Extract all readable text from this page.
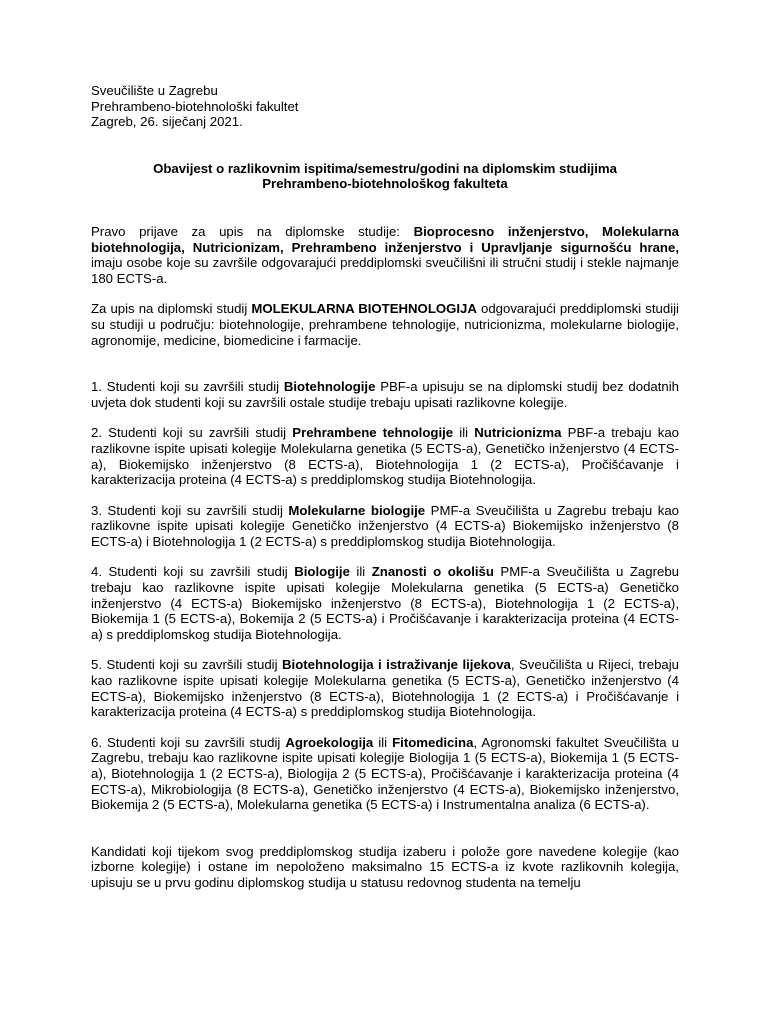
Sveučilište u Zagrebu

Prehrambeno-biotehnološki fakultet

Zagreb, 26. siječanj 2021.

Obavijest o razlikovnim ispitima/semestru/godini na diplomskim studijima

Prehrambeno-biotehnološkog fakulteta

Pravo prijave za upis na diplomske studije: Bioprocesno inženjerstvo, Molekularna biotehnologija, Nutricionizam, Prehrambeno inženjerstvo i Upravljanje sigurnošću hrane, imaju osobe koje su završile odgovarajući preddiplomski sveučilišni ili stručni studij i stekle najmanje 180 ECTS-a.

Za upis na diplomski studij MOLEKULARNA BIOTEHNOLOGIJA odgovarajući preddiplomski studiji su studiji u području: biotehnologije, prehrambene tehnologije, nutricionizma, molekularne biologije, agronomije, medicine, biomedicine i farmacije.

1. Studenti koji su završili studij Biotehnologije PBF-a upisuju se na diplomski studij bez dodatnih uvjeta dok studenti koji su završili ostale studije trebaju upisati razlikovne kolegije.

2. Studenti koji su završili studij Prehrambene tehnologije ili Nutricionizma PBF-a trebaju kao razlikovne ispite upisati kolegije Molekularna genetika (5 ECTS-a), Genetičko inženjerstvo (4 ECTS-a), Biokemijsko inženjerstvo (8 ECTS-a), Biotehnologija 1 (2 ECTS-a), Pročišćavanje i karakterizacija proteina (4 ECTS-a) s preddiplomskog studija Biotehnologija.

3. Studenti koji su završili studij Molekularne biologije PMF-a Sveučilišta u Zagrebu trebaju kao razlikovne ispite upisati kolegije Genetičko inženjerstvo (4 ECTS-a) Biokemijsko inženjerstvo (8 ECTS-a) i Biotehnologija 1 (2 ECTS-a) s preddiplomskog studija Biotehnologija.

4. Studenti koji su završili studij Biologije ili Znanosti o okolišu PMF-a Sveučilišta u Zagrebu trebaju kao razlikovne ispite upisati kolegije Molekularna genetika (5 ECTS-a) Genetičko inženjerstvo (4 ECTS-a) Biokemijsko inženjerstvo (8 ECTS-a), Biotehnologija 1 (2 ECTS-a), Biokemija 1 (5 ECTS-a), Bokemija 2 (5 ECTS-a) i Pročišćavanje i karakterizacija proteina (4 ECTS-a) s preddiplomskog studija Biotehnologija.

5. Studenti koji su završili studij Biotehnologija i istraživanje lijekova, Sveučilišta u Rijeci, trebaju kao razlikovne ispite upisati kolegije Molekularna genetika (5 ECTS-a), Genetičko inženjerstvo (4 ECTS-a), Biokemijsko inženjerstvo (8 ECTS-a), Biotehnologija 1 (2 ECTS-a) i Pročišćavanje i karakterizacija proteina (4 ECTS-a) s preddiplomskog studija Biotehnologija.

6. Studenti koji su završili studij Agroekologija ili Fitomedicina, Agronomski fakultet Sveučilišta u Zagrebu, trebaju kao razlikovne ispite upisati kolegije Biologija 1 (5 ECTS-a), Biokemija 1 (5 ECTS-a), Biotehnologija 1 (2 ECTS-a), Biologija 2 (5 ECTS-a), Pročišćavanje i karakterizacija proteina (4 ECTS-a), Mikrobiologija (8 ECTS-a), Genetičko inženjerstvo (4 ECTS-a), Biokemijsko inženjerstvo, Biokemija 2 (5 ECTS-a), Molekularna genetika (5 ECTS-a) i Instrumentalna analiza (6 ECTS-a).

Kandidati koji tijekom svog preddiplomskog studija izaberu i polože gore navedene kolegije (kao izborne kolegije) i ostane im nepoloženo maksimalno 15 ECTS-a iz kvote razlikovnih kolegija, upisuju se u prvu godinu diplomskog studija u statusu redovnog studenta na temelju
